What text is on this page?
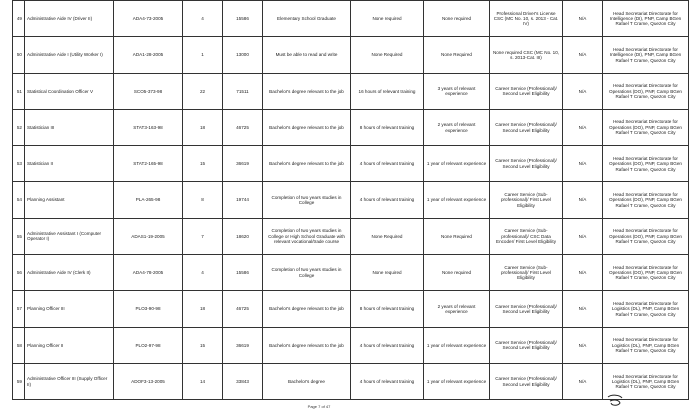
49	Administrative Aide IV (Driver II)	ADA4-73-2005	4	15586	Elementary School Graduate	None required	None required	Professional Driver's License CSC (MC No. 10, s. 2013 - Cat. IV)	N/A	Head Secretariat Directorate for Intelligence (DI), PNP, Camp BGen Rafael T Crame, Quezon City
50	Administrative Aide I (Utility Worker I)	ADA1-28-2005	1	13000	Must be able to read and write	None Required	None Required	None required CSC (MC No. 10, s. 2013-Cat. III)	N/A	Head Secretariat Directorate for Intelligence (DI), PNP, Camp BGen Rafael T Crame, Quezon City
51	Statistical Coordination Officer V	SCO5-373-98	22	71511	Bachelor's degree relevant to the job	16 hours of relevant training	3 years of relevant experience	Career Service (Professional)/ Second Level Eligibility	N/A	Head Secretariat Directorate for Operations (DO), PNP, Camp BGen Rafael T Crame, Quezon City
52	Statistician III	STAT3-163-98	18	46725	Bachelor's degree relevant to the job	8 hours of relevant training	2 years of relevant experience	Career Service (Professional)/ Second Level Eligibility	N/A	Head Secretariat Directorate for Operations (DO), PNP, Camp BGen Rafael T Crame, Quezon City
53	Statistician II	STAT2-165-98	15	36619	Bachelor's degree relevant to the job	4 hours of relevant training	1 year of relevant experience	Career Service (Professional)/ Second Level Eligibility	N/A	Head Secretariat Directorate for Operations (DO), PNP, Camp BGen Rafael T Crame, Quezon City
54	Planning Assistant	PLA-265-98	8	19744	Completion of two years studies in College	4 hours of relevant training	1 year of relevant experience	Career Service (Sub-professional)/ First Level Eligibility	N/A	Head Secretariat Directorate for Operations (DO), PNP, Camp BGen Rafael T Crame, Quezon City
55	Administrative Assistant I (Computer Operator I)	ADAS1-19-2005	7	18620	Completion of two years studies in College or High School Graduate with relevant vocational/trade course	None Required	None Required	Career Service (Sub-professional)/ CSC Data Encoder/ First Level Eligibility	N/A	Head Secretariat Directorate for Operations (DO), PNP, Camp BGen Rafael T Crame, Quezon City
56	Administrative Aide IV (Clerk II)	ADA4-78-2005	4	15586	Completion of two years studies in College	None required	None required	Career Service (Sub-professional)/ First Level Eligibility	N/A	Head Secretariat Directorate for Operations (DO), PNP, Camp BGen Rafael T Crame, Quezon City
57	Planning Officer III	PLO3-90-98	18	46725	Bachelor's degree relevant to the job	8 hours of relevant training	2 years of relevant experience	Career Service (Professional)/ Second Level Eligibility	N/A	Head Secretariat Directorate for Logistics (DL), PNP, Camp BGen Rafael T Crame, Quezon City
58	Planning Officer II	PLO2-97-98	15	36619	Bachelor's degree relevant to the job	4 hours of relevant training	1 year of relevant experience	Career Service (Professional)/ Second Level Eligibility	N/A	Head Secretariat Directorate for Logistics (DL), PNP, Camp BGen Rafael T Crame, Quezon City
59	Administrative Officer III (Supply Officer II)	ADOF3-13-2005	14	33843	Bachelor's degree	4 hours of relevant training	1 year of relevant experience	Career Service (Professional)/ Second Level Eligibility	N/A	Head Secretariat Directorate for Logistics (DL), PNP, Camp BGen Rafael T Crame, Quezon City
Page 7 of 47
